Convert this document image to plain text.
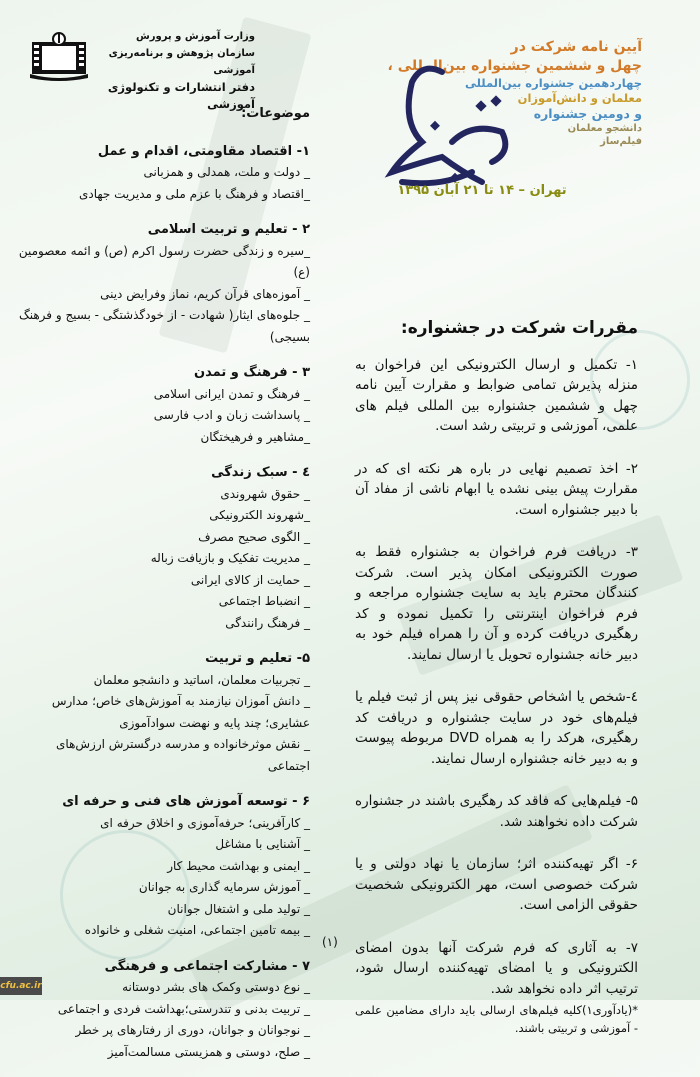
وزارت آموزش و پرورش
سازمان پژوهش و برنامه‌ریزی آموزشی
دفتر انتشارات و تکنولوژی آموزشی
آیین نامه شرکت در
چهل و ششمین جشنواره بین‌المللی ،
چهاردهمین جشنواره بین‌المللی
معلمان و دانش‌آموزان
و دومین جشنواره
دانشجو معلمان
فیلم‌ساز
تهران – ۱۴ تا ۲۱ آبان ۱۳۹۵
موضوعات:
۱- اقتصاد مقاومتی، اقدام و عمل
_ دولت و ملت، همدلی و همزبانی
_اقتصاد و فرهنگ با عزم ملی و مدیریت جهادی
۲ - تعلیم و تربیت اسلامی
_سیره و زندگی حضرت رسول اکرم (ص) و ائمه معصومین (ع)
_ آموزه‌های قرآن کریم، نماز وفرایض دینی
_ جلوه‌های ایثار( شهادت - از خودگذشتگی - بسیج و فرهنگ بسیجی)
۳ - فرهنگ و تمدن
_ فرهنگ و تمدن ایرانی اسلامی
_ پاسداشت زبان و ادب فارسی
_مشاهیر و فرهیختگان
٤ - سبک زندگی
_ حقوق شهروندی
_شهروند الکترونیکی
_ الگوی صحیح مصرف
_ مدیریت تفکیک و بازیافت زباله
_ حمایت از کالای ایرانی
_ انضباط اجتماعی
_ فرهنگ رانندگی
۵- تعلیم و تربیت
_ تجربیات معلمان، اساتید و دانشجو معلمان
_ دانش آموزان نیازمند به آموزش‌های خاص؛ مدارس عشایری؛ چند پایه و نهضت سوادآموزی
_ نقش موثرخانواده و مدرسه درگسترش ارزش‌های اجتماعی
۶ - توسعه آموزش های فنی و حرفه ای
_ کارآفرینی؛ حرفه‌آموزی و اخلاق حرفه ای
_ آشنایی با مشاغل
_ ایمنی و بهداشت محیط کار
_ آموزش سرمایه گذاری به جوانان
_ تولید ملی و اشتغال جوانان
_ بیمه تامین اجتماعی، امنیت شغلی و خانواده
۷ - مشارکت اجتماعی و فرهنگی
_ نوع دوستی وکمک های بشر دوستانه
_ تربیت بدنی و تندرستی؛بهداشت فردی و اجتماعی
_ نوجوانان و جوانان، دوری از رفتارهای پر خطر
_ صلح، دوستی و همزیستی مسالمت‌آمیز
مقررات شرکت در جشنواره:

۱- تکمیل و ارسال الکترونیکی این فراخوان به منزله پذیرش تمامی ضوابط و مقرارت آیین نامه چهل و ششمین جشنواره بین المللی فیلم های علمی، آموزشی و تربیتی رشد است.

۲- اخذ تصمیم نهایی در باره هر نکته ای که در مقرارت پیش بینی نشده یا ابهام ناشی از مفاد آن با دبیر جشنواره است.

۳- دریافت فرم فراخوان به جشنواره فقط به صورت الکترونیکی امکان پذیر است. شرکت کنندگان محترم باید به سایت جشنواره مراجعه و فرم فراخوان اینترنتی را تکمیل نموده و کد رهگیری دریافت کرده و آن را همراه فیلم خود به دبیر خانه جشنواره تحویل یا ارسال نمایند.

٤-شخص یا اشخاص حقوقی نیز پس از ثبت فیلم یا فیلم‌های خود در سایت جشنواره و دریافت کد رهگیری، هرکد را به همراه DVD مربوطه پیوست و به دبیر خانه جشنواره ارسال نمایند.

۵- فیلم‌هایی که فاقد کد رهگیری باشند در جشنواره شرکت داده نخواهند شد.

۶- اگر تهیه‌کننده اثر؛ سازمان یا نهاد دولتی و یا شرکت خصوصی است، مهر الکترونیکی شخصیت حقوقی الزامی است.

۷- به آثاری که فرم شرکت آنها بدون امضای الکترونیکی و یا امضای تهیه‌کننده ارسال شود، ترتیب اثر داده نخواهد شد.

*(یادآوری۱)کلیه فیلم‌های ارسالی باید دارای مضامین علمی - آموزشی و تربیتی باشند.

(۱)
cfu.ac.ir
